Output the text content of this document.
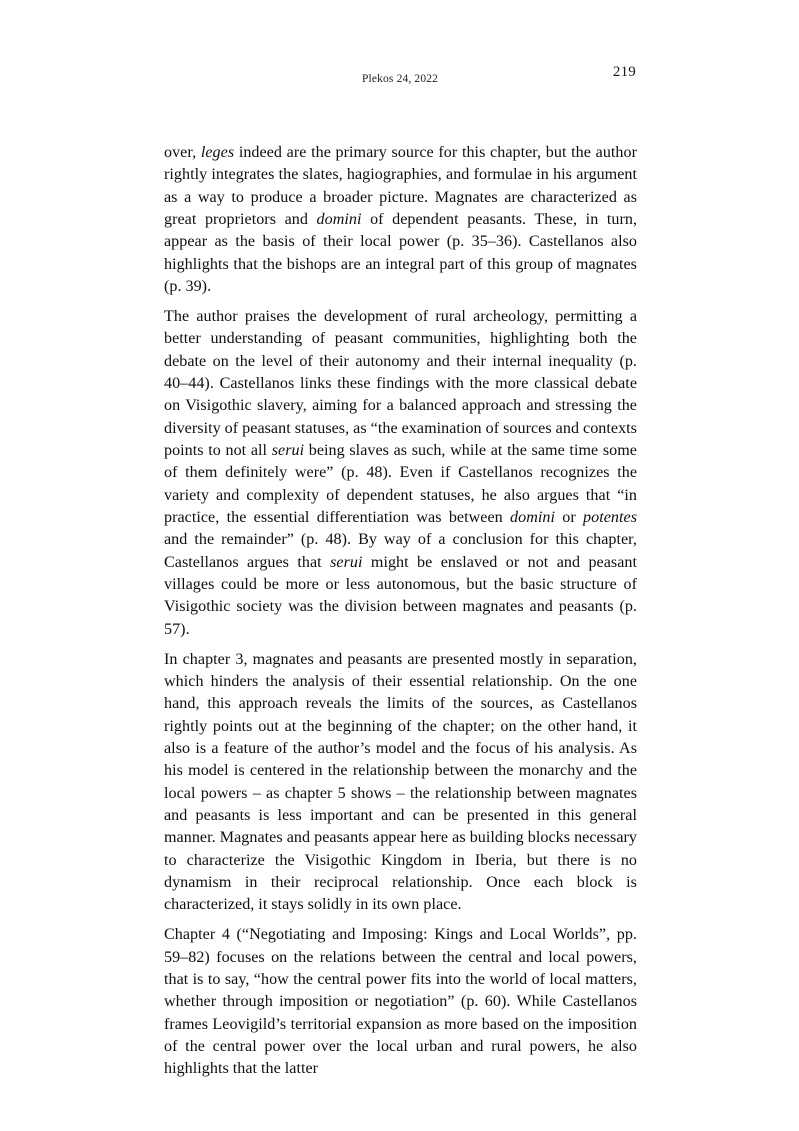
Plekos 24, 2022	219

over, leges indeed are the primary source for this chapter, but the author rightly integrates the slates, hagiographies, and formulae in his argument as a way to produce a broader picture. Magnates are characterized as great proprietors and domini of dependent peasants. These, in turn, appear as the basis of their local power (p. 35–36). Castellanos also highlights that the bishops are an integral part of this group of magnates (p. 39).

The author praises the development of rural archeology, permitting a better understanding of peasant communities, highlighting both the debate on the level of their autonomy and their internal inequality (p. 40–44). Castellanos links these findings with the more classical debate on Visigothic slavery, aiming for a balanced approach and stressing the diversity of peasant statuses, as “the examination of sources and contexts points to not all serui being slaves as such, while at the same time some of them definitely were” (p. 48). Even if Castellanos recognizes the variety and complexity of dependent statuses, he also argues that “in practice, the essential differentiation was between domini or potentes and the remainder” (p. 48). By way of a conclusion for this chapter, Castellanos argues that serui might be enslaved or not and peasant villages could be more or less autonomous, but the basic structure of Visigothic society was the division between magnates and peasants (p. 57).

In chapter 3, magnates and peasants are presented mostly in separation, which hinders the analysis of their essential relationship. On the one hand, this approach reveals the limits of the sources, as Castellanos rightly points out at the beginning of the chapter; on the other hand, it also is a feature of the author’s model and the focus of his analysis. As his model is centered in the relationship between the monarchy and the local powers – as chapter 5 shows – the relationship between magnates and peasants is less important and can be presented in this general manner. Magnates and peasants appear here as building blocks necessary to characterize the Visigothic Kingdom in Iberia, but there is no dynamism in their reciprocal relationship. Once each block is characterized, it stays solidly in its own place.

Chapter 4 (“Negotiating and Imposing: Kings and Local Worlds”, pp. 59–82) focuses on the relations between the central and local powers, that is to say, “how the central power fits into the world of local matters, whether through imposition or negotiation” (p. 60). While Castellanos frames Leovigild’s territorial expansion as more based on the imposition of the central power over the local urban and rural powers, he also highlights that the latter
